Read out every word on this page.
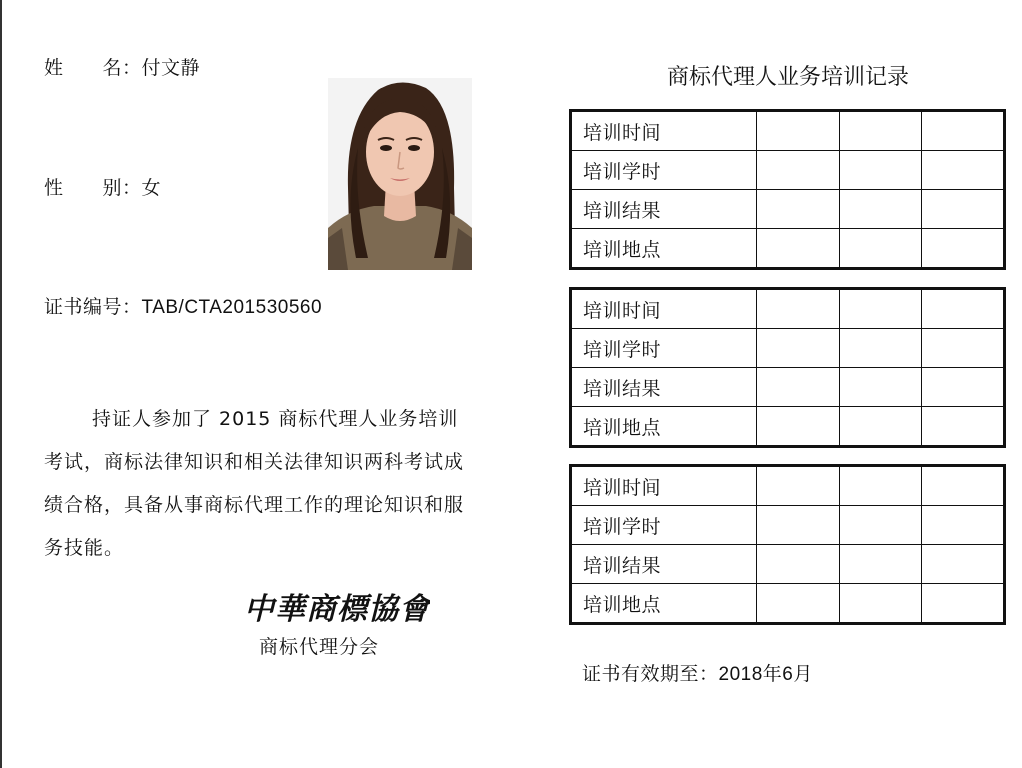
姓　　名：付文静
性　　别：女
证书编号：TAB/CTA201530560
持证人参加了 2015 商标代理人业务培训考试，商标法律知识和相关法律知识两科考试成绩合格，具备从事商标代理工作的理论知识和服务技能。
中華商標協會
商标代理分会
商标代理人业务培训记录
培训时间			
培训学时			
培训结果			
培训地点			
培训时间			
培训学时			
培训结果			
培训地点			
培训时间			
培训学时			
培训结果			
培训地点			
证书有效期至：2018年6月
